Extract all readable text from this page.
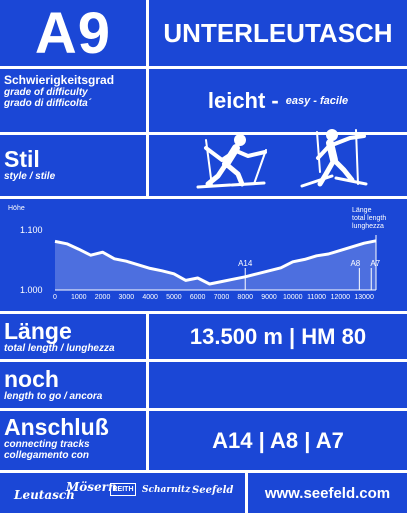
A9	UNTERLEUTASCH
Schwierigkeitsgrad
grade of difficulty
grado di difficolta´	leicht - easy - facile
Stil
style / stile
Höhe	Länge
total length
lunghezza
1.100
1.000
0 1000 2000 3000 4000 5000 6000 7000 8000 9000 10000 11000 12000 13000
A14	A8 A7
Länge
total length / lunghezza	13.500 m | HM 80
noch
length to go / ancora
Anschluß
connecting tracks
collegamento con
A14 | A8 | A7

Leutasch
Mösern
REITH Scharnitz Seefeld	www.seefeld.com
